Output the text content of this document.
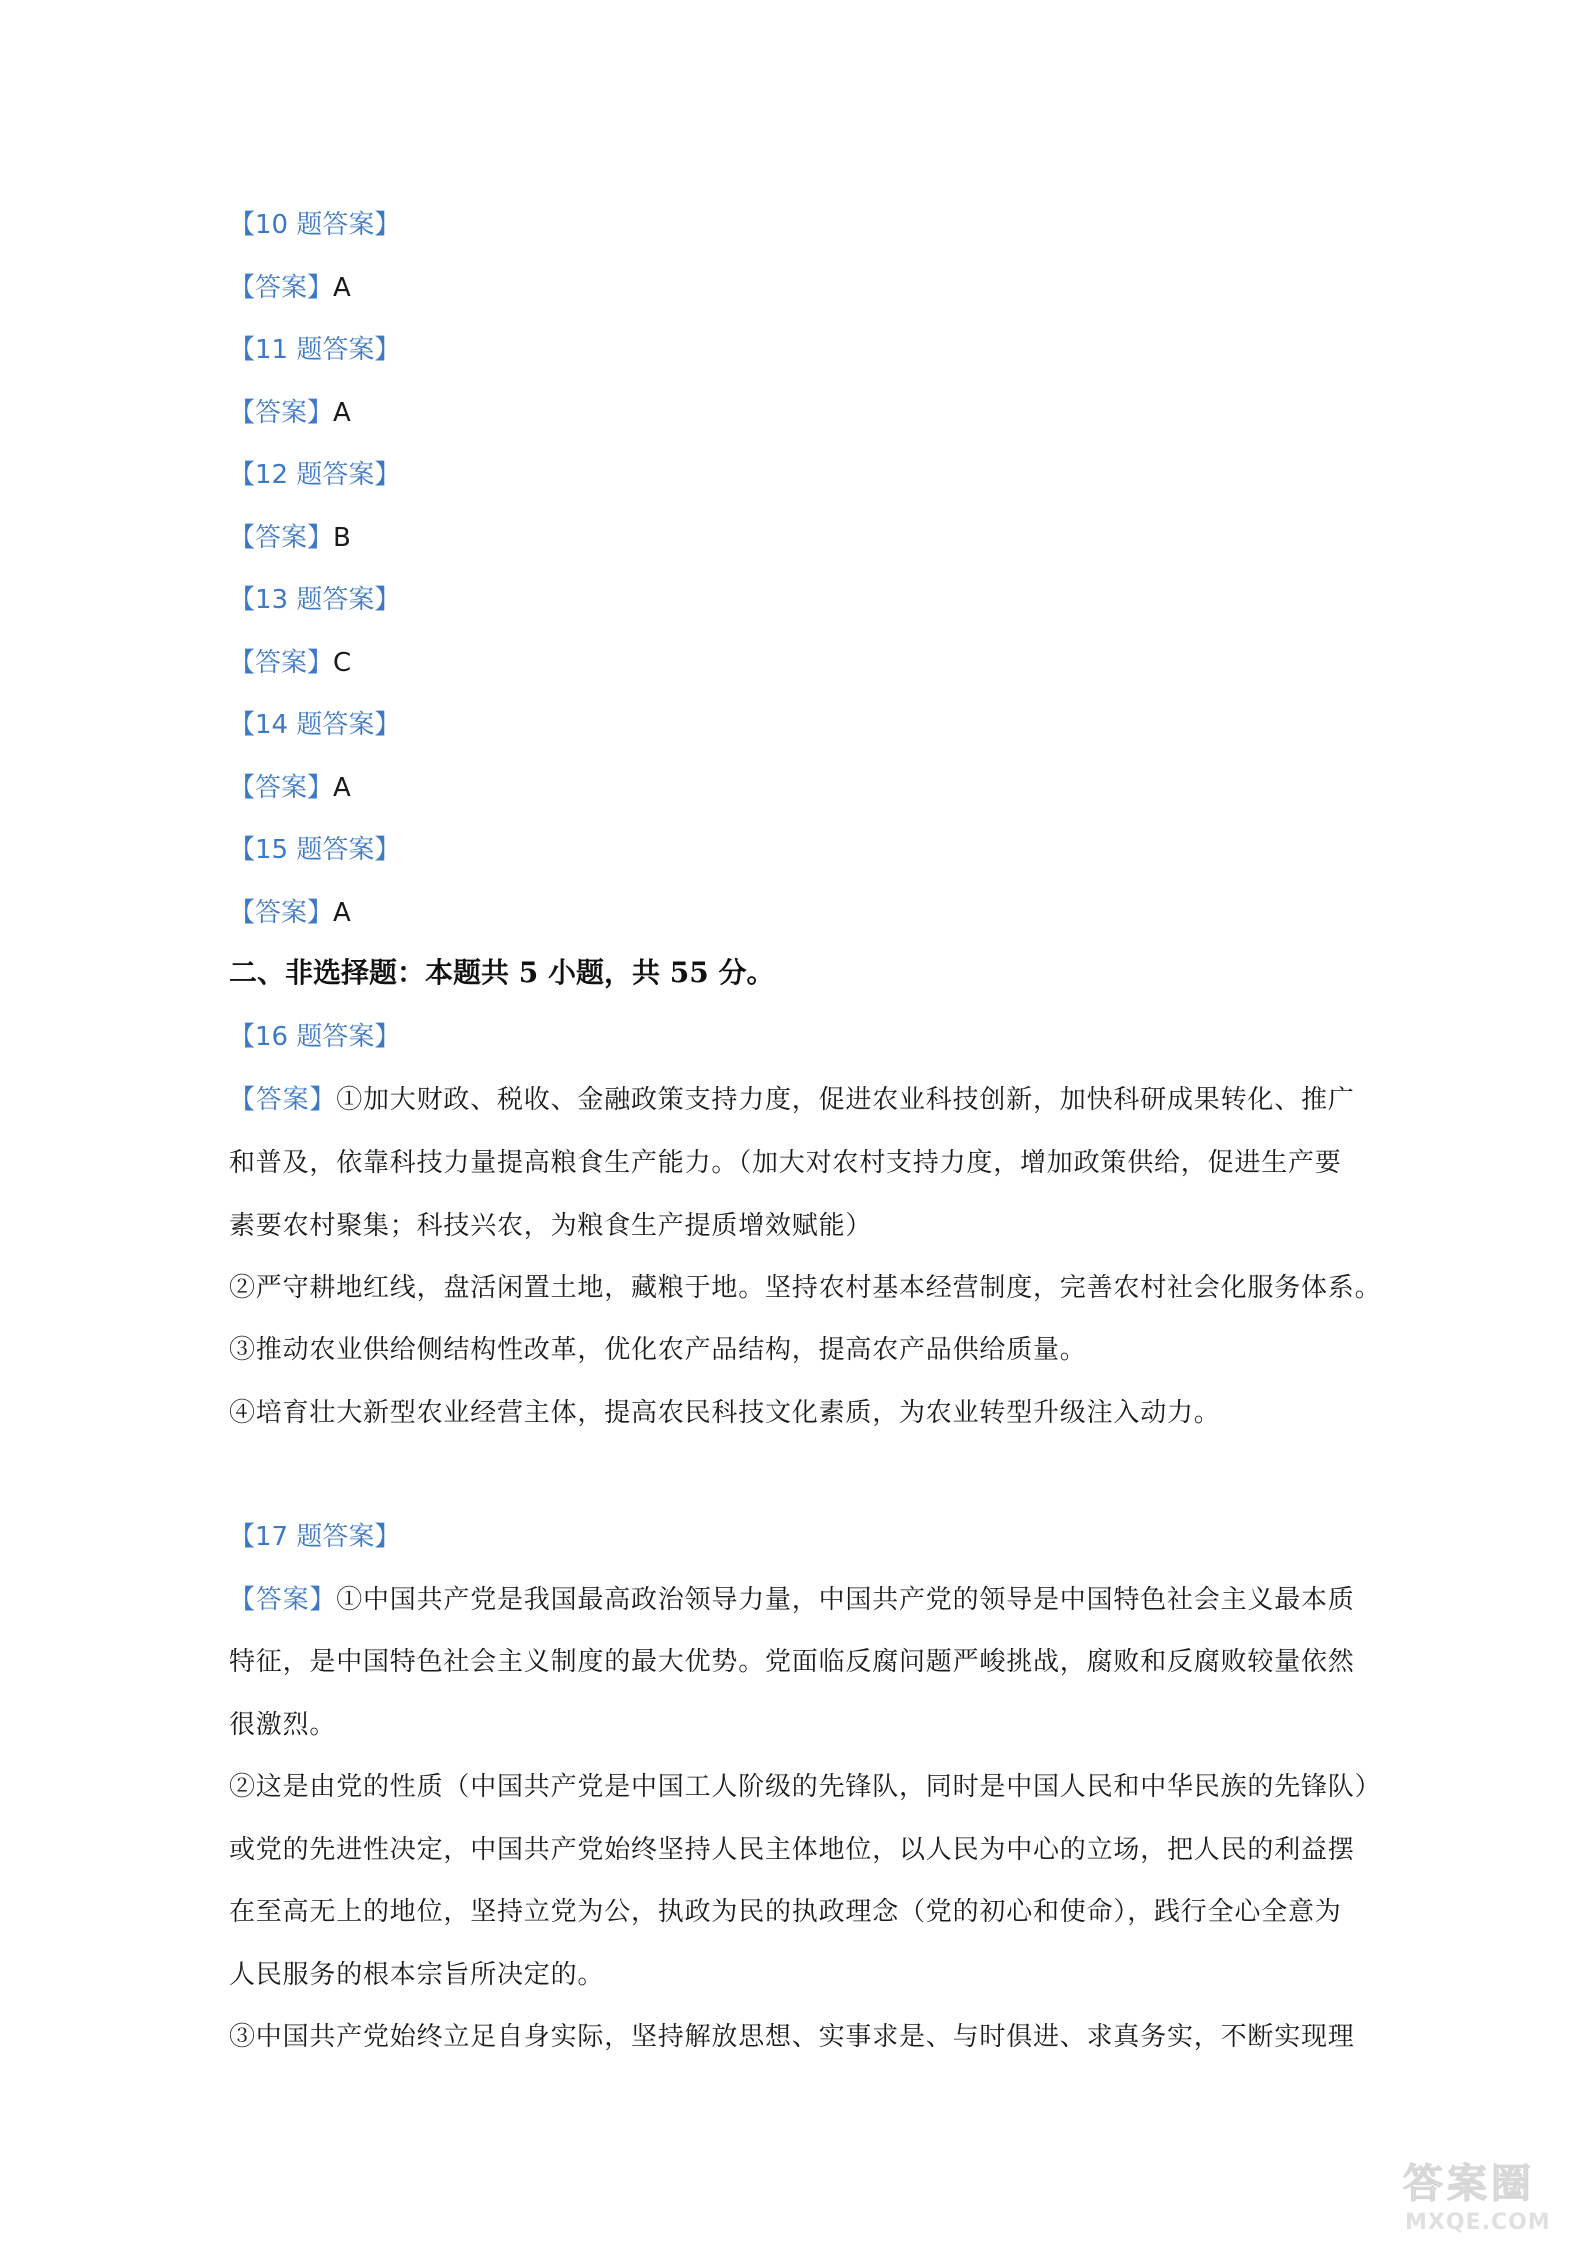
【10 题答案】
【答案】A
【11 题答案】
【答案】A
【12 题答案】
【答案】B
【13 题答案】
【答案】C
【14 题答案】
【答案】A
【15 题答案】
【答案】A
二、非选择题：本题共 5 小题，共 55 分。
【16 题答案】
【答案】①加大财政、税收、金融政策支持力度，促进农业科技创新，加快科研成果转化、推广
和普及，依靠科技力量提高粮食生产能力。（加大对农村支持力度，增加政策供给，促进生产要
素要农村聚集；科技兴农，为粮食生产提质增效赋能）
②严守耕地红线，盘活闲置土地，藏粮于地。坚持农村基本经营制度，完善农村社会化服务体系。
③推动农业供给侧结构性改革，优化农产品结构，提高农产品供给质量。
④培育壮大新型农业经营主体，提高农民科技文化素质，为农业转型升级注入动力。
【17 题答案】
【答案】①中国共产党是我国最高政治领导力量，中国共产党的领导是中国特色社会主义最本质
特征，是中国特色社会主义制度的最大优势。党面临反腐问题严峻挑战，腐败和反腐败较量依然
很激烈。
②这是由党的性质（中国共产党是中国工人阶级的先锋队，同时是中国人民和中华民族的先锋队）
或党的先进性决定，中国共产党始终坚持人民主体地位，以人民为中心的立场，把人民的利益摆
在至高无上的地位，坚持立党为公，执政为民的执政理念（党的初心和使命），践行全心全意为
人民服务的根本宗旨所决定的。
③中国共产党始终立足自身实际，坚持解放思想、实事求是、与时俱进、求真务实，不断实现理
答案圈
MXQE.COM
